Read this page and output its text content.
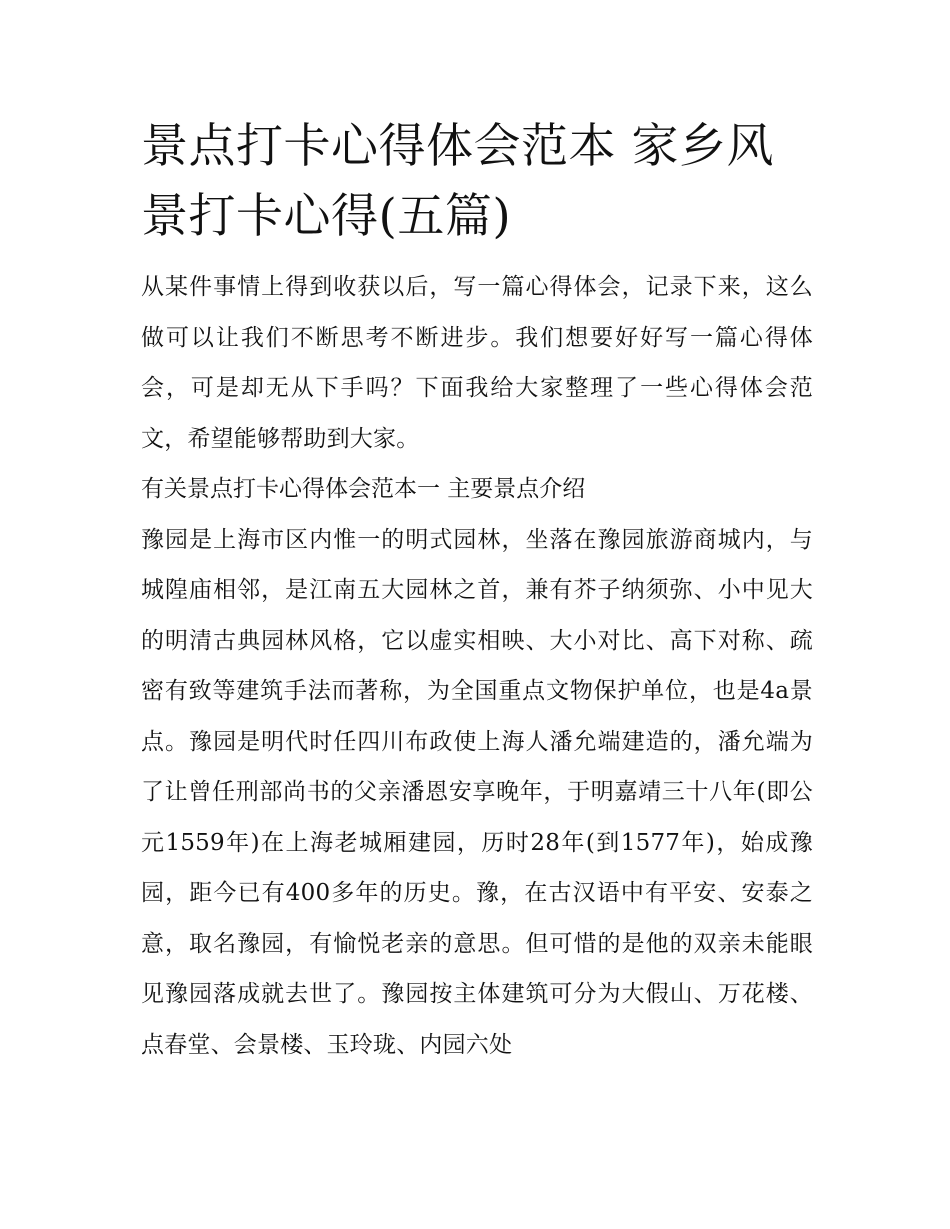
景点打卡心得体会范本 家乡风景打卡心得(五篇)

从某件事情上得到收获以后，写一篇心得体会，记录下来，这么做可以让我们不断思考不断进步。我们想要好好写一篇心得体会，可是却无从下手吗？下面我给大家整理了一些心得体会范文，希望能够帮助到大家。

有关景点打卡心得体会范本一 主要景点介绍

豫园是上海市区内惟一的明式园林，坐落在豫园旅游商城内，与城隍庙相邻，是江南五大园林之首，兼有芥子纳须弥、小中见大的明清古典园林风格，它以虚实相映、大小对比、高下对称、疏密有致等建筑手法而著称，为全国重点文物保护单位，也是4a景点。豫园是明代时任四川布政使上海人潘允端建造的，潘允端为了让曾任刑部尚书的父亲潘恩安享晚年，于明嘉靖三十八年(即公元1559年)在上海老城厢建园，历时28年(到1577年)，始成豫园，距今已有400多年的历史。豫，在古汉语中有平安、安泰之意，取名豫园，有愉悦老亲的意思。但可惜的是他的双亲未能眼见豫园落成就去世了。豫园按主体建筑可分为大假山、万花楼、点春堂、会景楼、玉玲珑、内园六处
